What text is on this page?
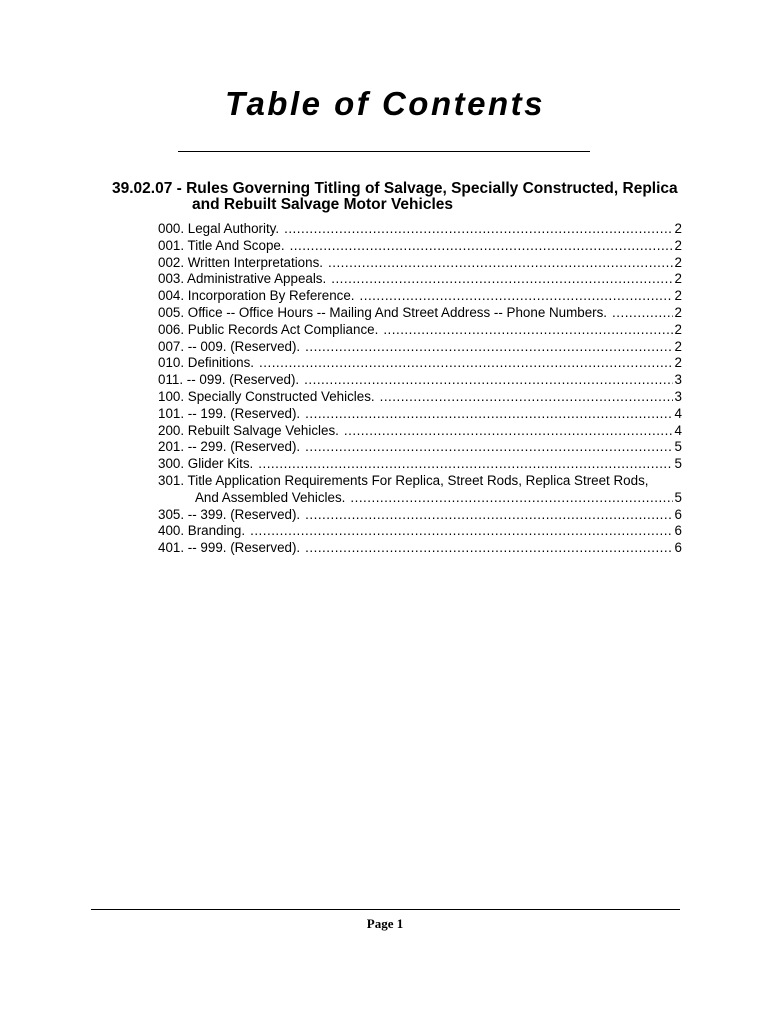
Table of Contents
39.02.07 - Rules Governing Titling of Salvage, Specially Constructed, Replica
and Rebuilt Salvage Motor Vehicles
000. Legal Authority. .....	2
001. Title And Scope. .....	2
002. Written Interpretations. .....	2
003. Administrative Appeals. .....	2
004. Incorporation By Reference. .....	2
005. Office -- Office Hours -- Mailing And Street Address -- Phone Numbers. .....	2
006. Public Records Act Compliance. .....	2
007. -- 009. (Reserved). .....	2
010. Definitions. .....	2
011. -- 099. (Reserved). .....	3
100. Specially Constructed Vehicles. .....	3
101. -- 199. (Reserved). .....	4
200. Rebuilt Salvage Vehicles. .....	4
201. -- 299. (Reserved). .....	5
300. Glider Kits. .....	5
301. Title Application Requirements For Replica, Street Rods, Replica Street Rods,
And Assembled Vehicles. .....	5
305. -- 399. (Reserved). .....	6
400. Branding. .....	6
401. -- 999. (Reserved). .....	6
Page 1
